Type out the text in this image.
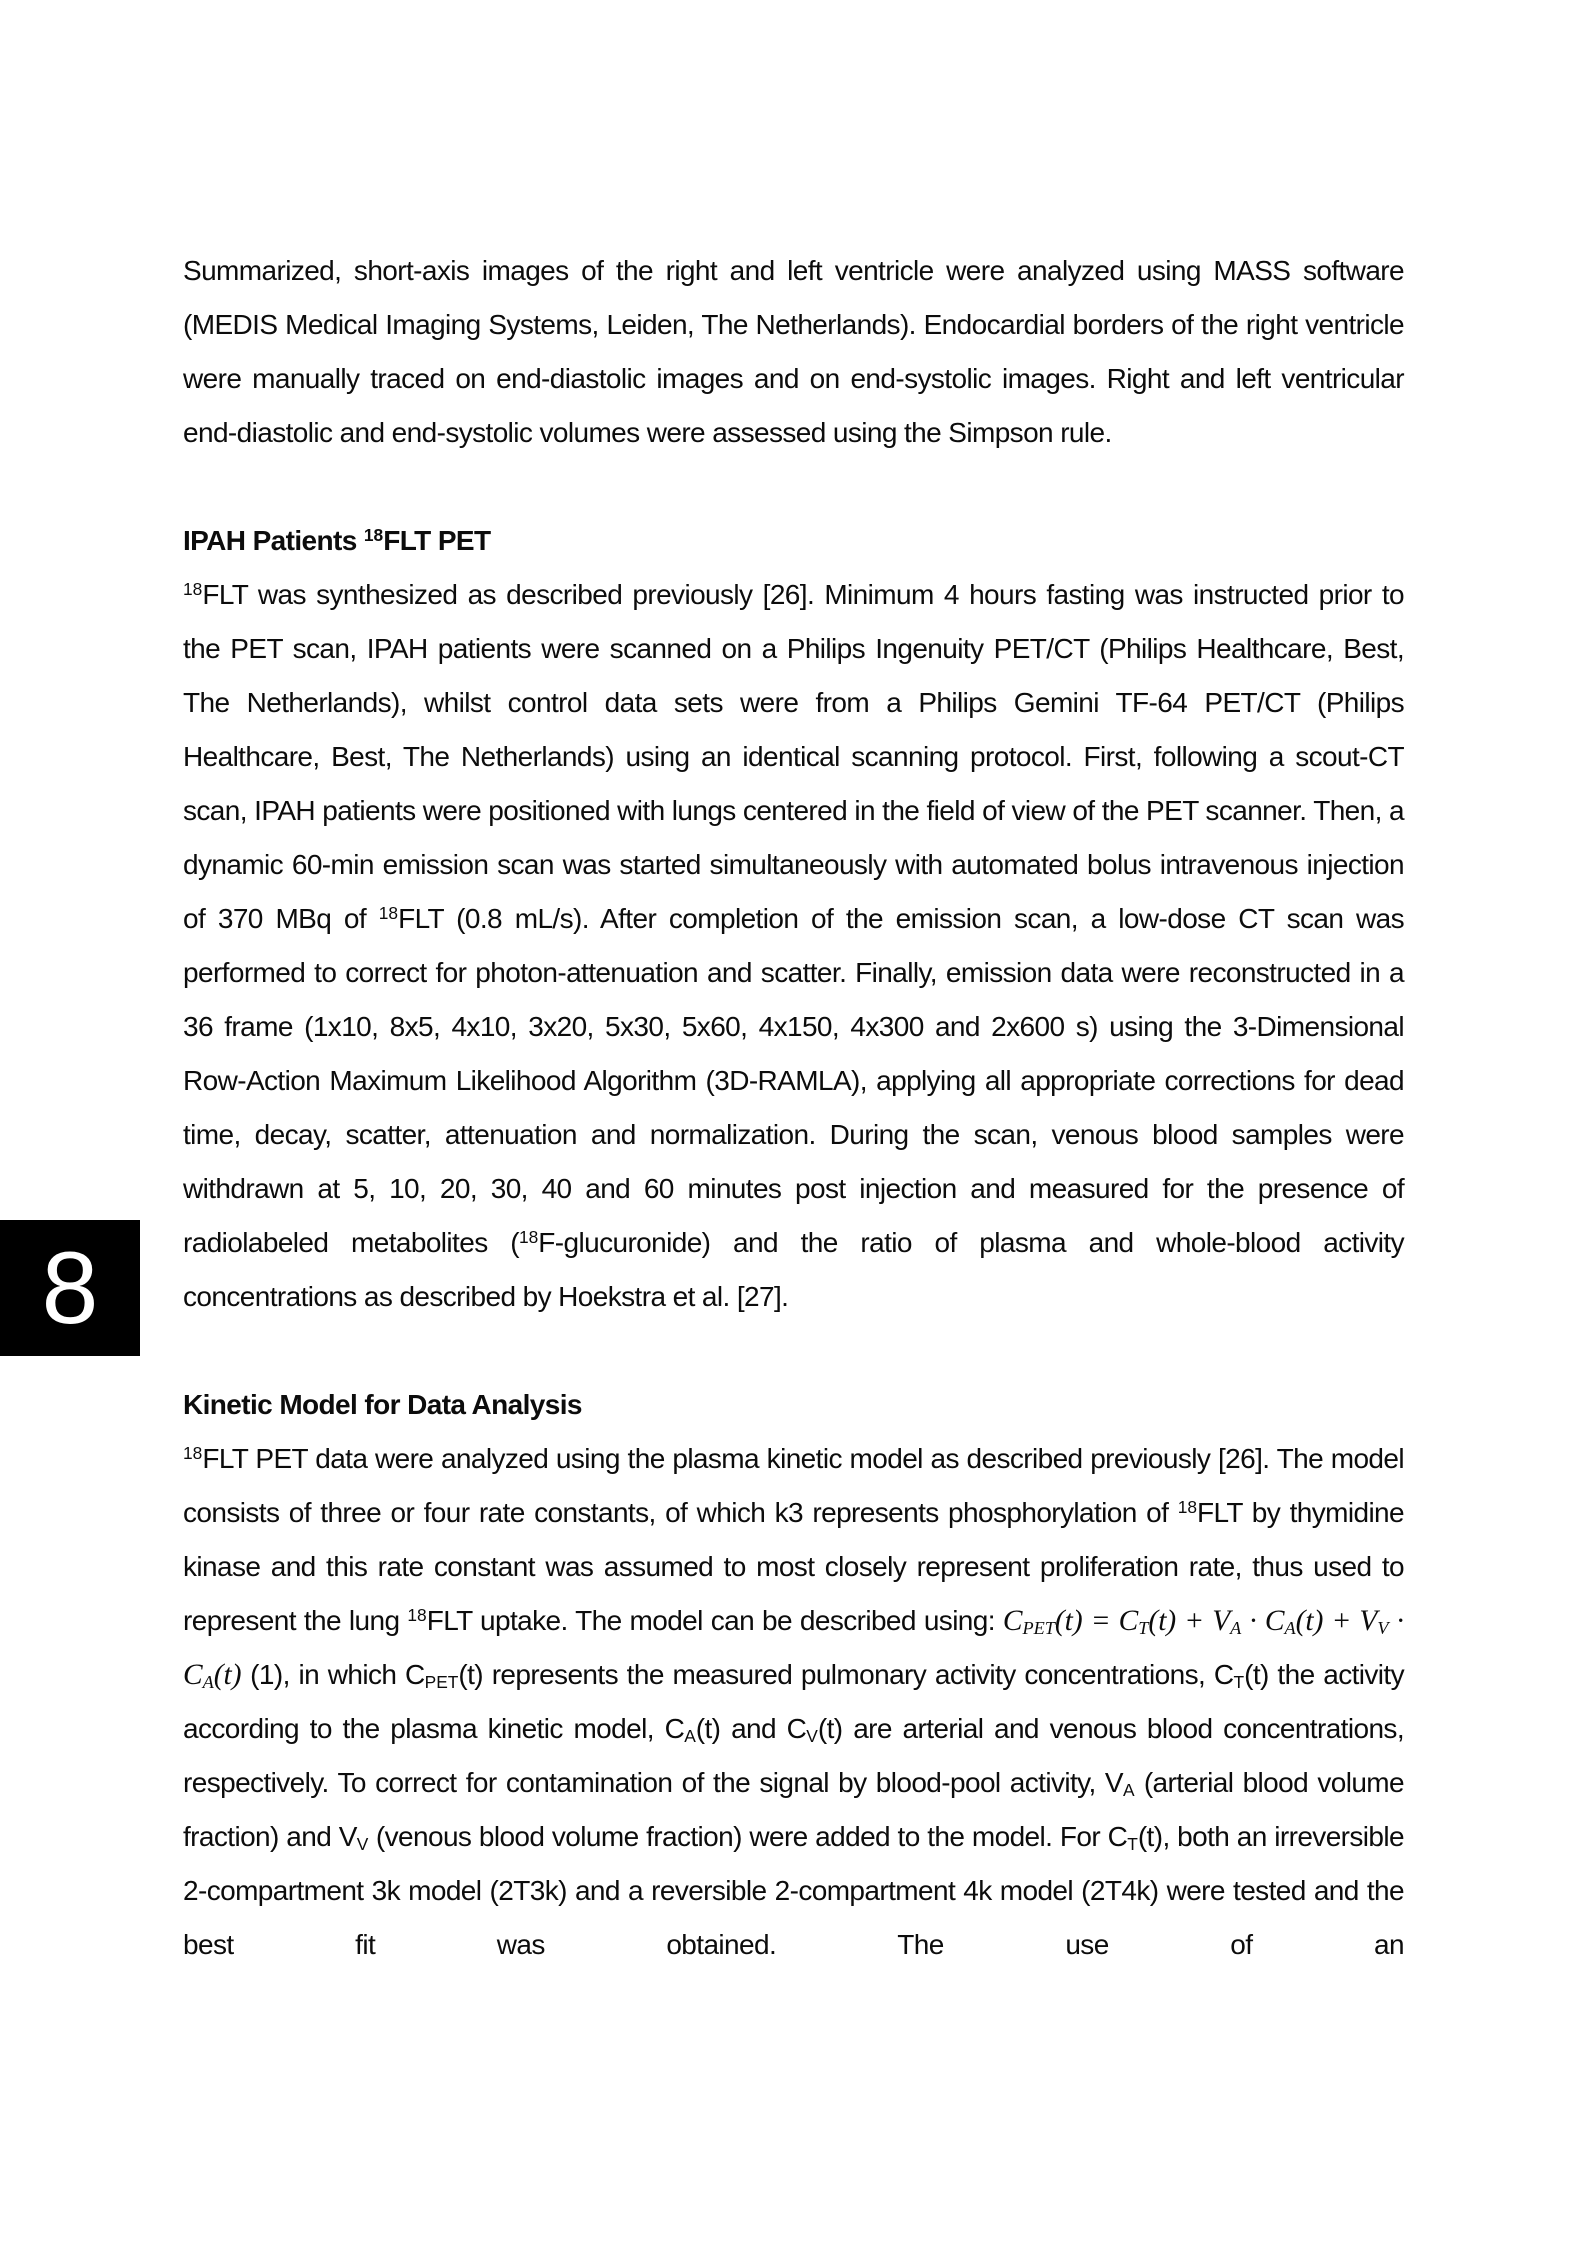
8

Summarized, short-axis images of the right and left ventricle were analyzed using MASS software (MEDIS Medical Imaging Systems, Leiden, The Netherlands). Endocardial borders of the right ventricle were manually traced on end-diastolic images and on end-systolic images. Right and left ventricular end-diastolic and end-systolic volumes were assessed using the Simpson rule.

IPAH Patients $^{18}$FLT PET

$^{18}$FLT was synthesized as described previously [26]. Minimum 4 hours fasting was instructed prior to the PET scan, IPAH patients were scanned on a Philips Ingenuity PET/CT (Philips Healthcare, Best, The Netherlands), whilst control data sets were from a Philips Gemini TF-64 PET/CT (Philips Healthcare, Best, The Netherlands) using an identical scanning protocol. First, following a scout-CT scan, IPAH patients were positioned with lungs centered in the field of view of the PET scanner. Then, a dynamic 60-min emission scan was started simultaneously with automated bolus intravenous injection of 370 MBq of $^{18}$FLT (0.8 mL/s). After completion of the emission scan, a low-dose CT scan was performed to correct for photon-attenuation and scatter. Finally, emission data were reconstructed in a 36 frame (1x10, 8x5, 4x10, 3x20, 5x30, 5x60, 4x150, 4x300 and 2x600 s) using the 3-Dimensional Row-Action Maximum Likelihood Algorithm (3D-RAMLA), applying all appropriate corrections for dead time, decay, scatter, attenuation and normalization. During the scan, venous blood samples were withdrawn at 5, 10, 20, 30, 40 and 60 minutes post injection and measured for the presence of radiolabeled metabolites ($^{18}$F-glucuronide) and the ratio of plasma and whole-blood activity concentrations as described by Hoekstra et al. [27].

Kinetic Model for Data Analysis

$^{18}$FLT PET data were analyzed using the plasma kinetic model as described previously [26]. The model consists of three or four rate constants, of which k3 represents phosphorylation of $^{18}$FLT by thymidine kinase and this rate constant was assumed to most closely represent proliferation rate, thus used to represent the lung $^{18}$FLT uptake. The model can be described using: $C_{PET}(t) = C_T(t) + V_A \cdot C_A(t) + V_V \cdot C_A(t)$ (1), in which $C_{PET}(t)$ represents the measured pulmonary activity concentrations, $C_T(t)$ the activity according to the plasma kinetic model, $C_A(t)$ and $C_V(t)$ are arterial and venous blood concentrations, respectively. To correct for contamination of the signal by blood-pool activity, $V_A$ (arterial blood volume fraction) and $V_V$ (venous blood volume fraction) were added to the model. For $C_T(t)$, both an irreversible 2-compartment 3k model (2T3k) and a reversible 2-compartment 4k model (2T4k) were tested and the best fit was obtained. The use of an
